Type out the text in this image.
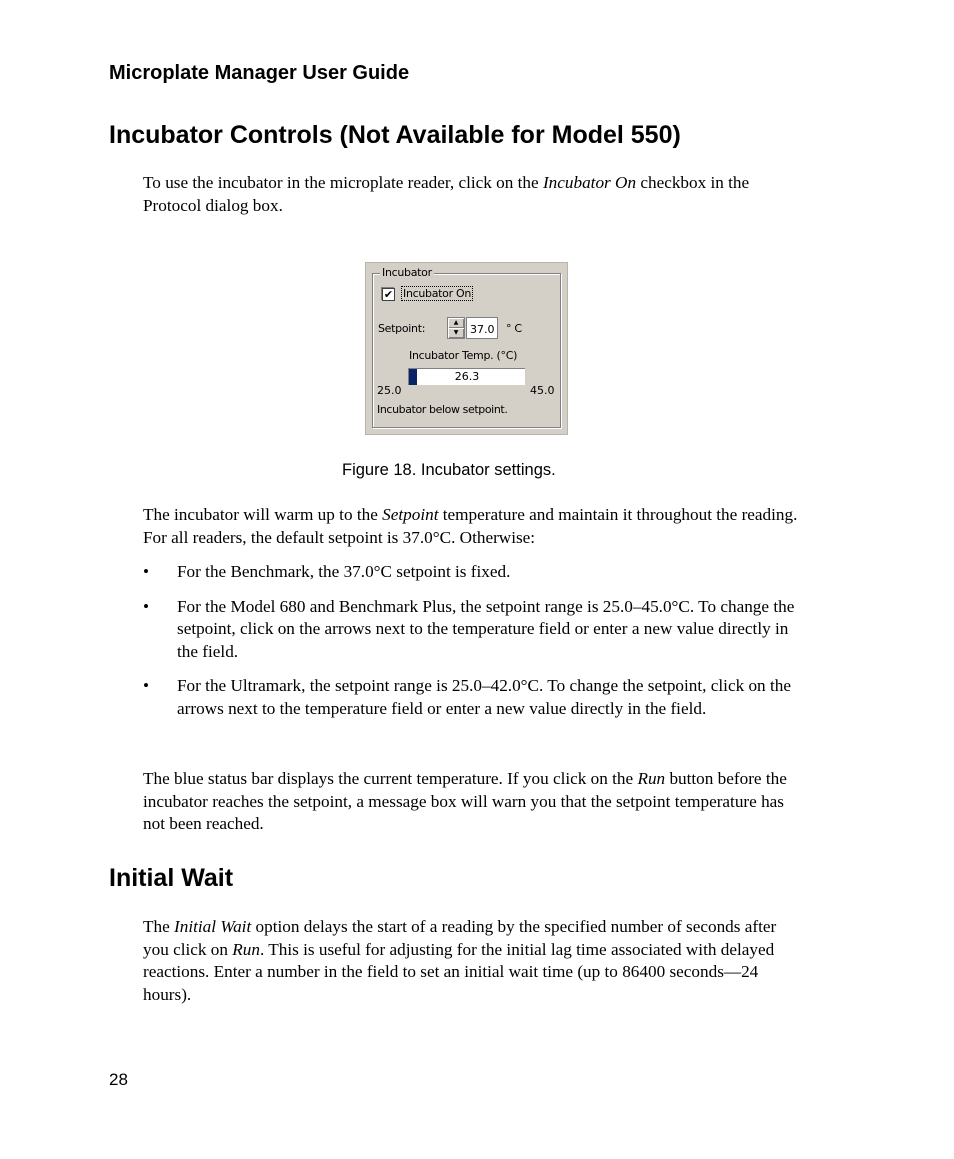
Microplate Manager User Guide
Incubator Controls (Not Available for Model 550)

To use the incubator in the microplate reader, click on the Incubator On checkbox in the Protocol dialog box.

Incubator
✔ Incubator On
Setpoint:	▲
▼
37.0	° C
Incubator Temp. (°C)
26.3
25.0	45.0
Incubator below setpoint.
Figure 18. Incubator settings.

The incubator will warm up to the Setpoint temperature and maintain it throughout the reading. For all readers, the default setpoint is 37.0°C. Otherwise:

• For the Benchmark, the 37.0°C setpoint is fixed.
• For the Model 680 and Benchmark Plus, the setpoint range is 25.0–45.0°C. To change the setpoint, click on the arrows next to the temperature field or enter a new value directly in the field.
• For the Ultramark, the setpoint range is 25.0–42.0°C. To change the setpoint, click on the arrows next to the temperature field or enter a new value directly in the field.

The blue status bar displays the current temperature. If you click on the Run button before the incubator reaches the setpoint, a message box will warn you that the setpoint temperature has not been reached.

Initial Wait

The Initial Wait option delays the start of a reading by the specified number of seconds after you click on Run. This is useful for adjusting for the initial lag time associated with delayed reactions. Enter a number in the field to set an initial wait time (up to 86400 seconds—24 hours).

28
